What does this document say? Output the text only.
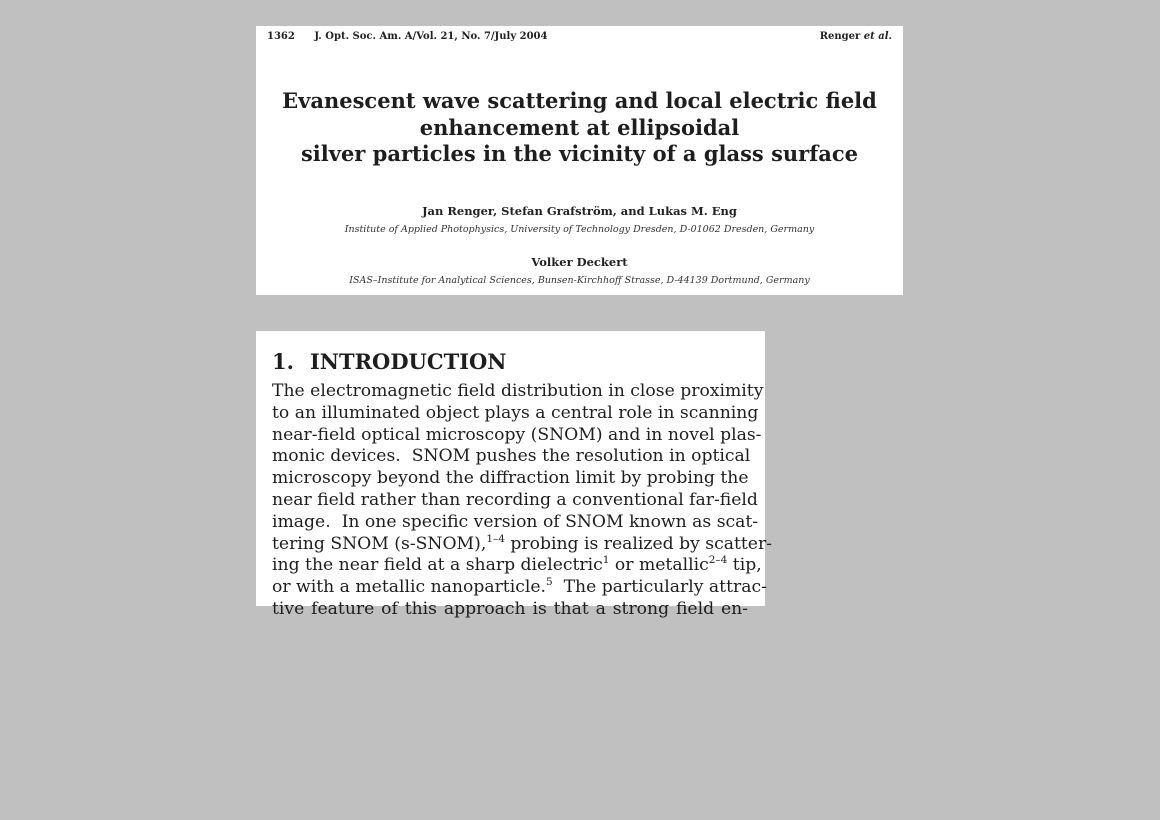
1362 J. Opt. Soc. Am. A/Vol. 21, No. 7/July 2004	Renger et al.
Evanescent wave scattering and local electric field
enhancement at ellipsoidal
silver particles in the vicinity of a glass surface
Jan Renger, Stefan Grafström, and Lukas M. Eng
Institute of Applied Photophysics, University of Technology Dresden, D-01062 Dresden, Germany
Volker Deckert
ISAS–Institute for Analytical Sciences, Bunsen-Kirchhoff Strasse, D-44139 Dortmund, Germany
1. INTRODUCTION
The electromagnetic field distribution in close proximity
to an illuminated object plays a central role in scanning
near-field optical microscopy (SNOM) and in novel plas-
monic devices.  SNOM pushes the resolution in optical
microscopy beyond the diffraction limit by probing the
near field rather than recording a conventional far-field
image.  In one specific version of SNOM known as scat-
tering SNOM (s-SNOM),$^{1-4}$ probing is realized by scatter-
ing the near field at a sharp dielectric$^1$ or metallic$^{2-4}$ tip,
or with a metallic nanoparticle.$^5$  The particularly attrac-
tive feature of this approach is that a strong field en-
